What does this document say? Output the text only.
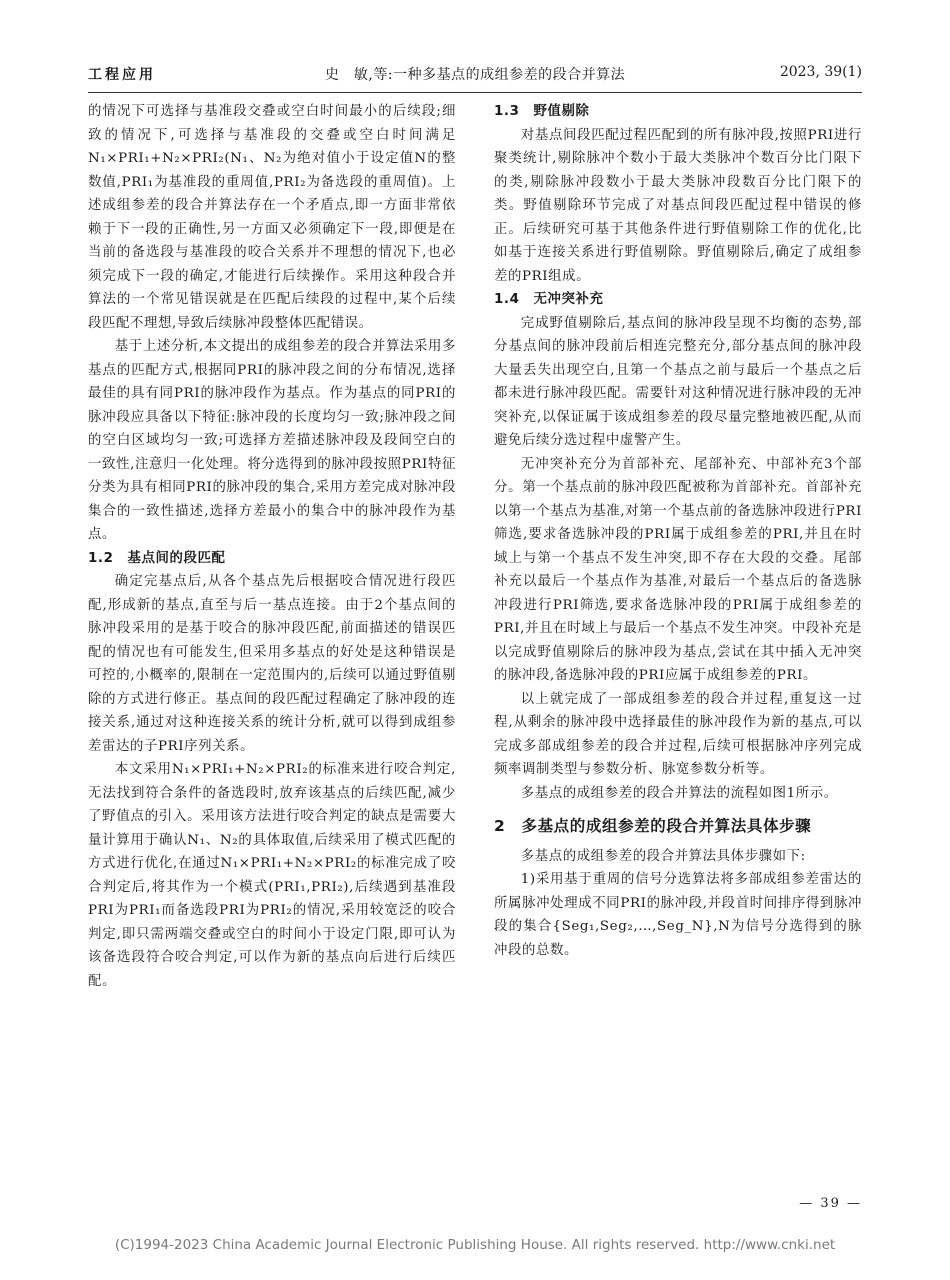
工程应用	史　敏,等:一种多基点的成组参差的段合并算法	2023, 39(1)

的情况下可选择与基准段交叠或空白时间最小的后续段;细致的情况下,可选择与基准段的交叠或空白时间满足N₁×PRI₁+N₂×PRI₂(N₁、N₂为绝对值小于设定值N的整数值,PRI₁为基准段的重周值,PRI₂为备选段的重周值)。上述成组参差的段合并算法存在一个矛盾点,即一方面非常依赖于下一段的正确性,另一方面又必须确定下一段,即便是在当前的备选段与基准段的咬合关系并不理想的情况下,也必须完成下一段的确定,才能进行后续操作。采用这种段合并算法的一个常见错误就是在匹配后续段的过程中,某个后续段匹配不理想,导致后续脉冲段整体匹配错误。

基于上述分析,本文提出的成组参差的段合并算法采用多基点的匹配方式,根据同PRI的脉冲段之间的分布情况,选择最佳的具有同PRI的脉冲段作为基点。作为基点的同PRI的脉冲段应具备以下特征:脉冲段的长度均匀一致;脉冲段之间的空白区域均匀一致;可选择方差描述脉冲段及段间空白的一致性,注意归一化处理。将分选得到的脉冲段按照PRI特征分类为具有相同PRI的脉冲段的集合,采用方差完成对脉冲段集合的一致性描述,选择方差最小的集合中的脉冲段作为基点。

1.2　基点间的段匹配

确定完基点后,从各个基点先后根据咬合情况进行段匹配,形成新的基点,直至与后一基点连接。由于2个基点间的脉冲段采用的是基于咬合的脉冲段匹配,前面描述的错误匹配的情况也有可能发生,但采用多基点的好处是这种错误是可控的,小概率的,限制在一定范围内的,后续可以通过野值剔除的方式进行修正。基点间的段匹配过程确定了脉冲段的连接关系,通过对这种连接关系的统计分析,就可以得到成组参差雷达的子PRI序列关系。

本文采用N₁×PRI₁+N₂×PRI₂的标准来进行咬合判定,无法找到符合条件的备选段时,放弃该基点的后续匹配,减少了野值点的引入。采用该方法进行咬合判定的缺点是需要大量计算用于确认N₁、N₂的具体取值,后续采用了模式匹配的方式进行优化,在通过N₁×PRI₁+N₂×PRI₂的标准完成了咬合判定后,将其作为一个模式(PRI₁,PRI₂),后续遇到基准段PRI为PRI₁而备选段PRI为PRI₂的情况,采用较宽泛的咬合判定,即只需两端交叠或空白的时间小于设定门限,即可认为该备选段符合咬合判定,可以作为新的基点向后进行后续匹配。

1.3　野值剔除

对基点间段匹配过程匹配到的所有脉冲段,按照PRI进行聚类统计,剔除脉冲个数小于最大类脉冲个数百分比门限下的类,剔除脉冲段数小于最大类脉冲段数百分比门限下的类。野值剔除环节完成了对基点间段匹配过程中错误的修正。后续研究可基于其他条件进行野值剔除工作的优化,比如基于连接关系进行野值剔除。野值剔除后,确定了成组参差的PRI组成。

1.4　无冲突补充

完成野值剔除后,基点间的脉冲段呈现不均衡的态势,部分基点间的脉冲段前后相连完整充分,部分基点间的脉冲段大量丢失出现空白,且第一个基点之前与最后一个基点之后都未进行脉冲段匹配。需要针对这种情况进行脉冲段的无冲突补充,以保证属于该成组参差的段尽量完整地被匹配,从而避免后续分选过程中虚警产生。

无冲突补充分为首部补充、尾部补充、中部补充3个部分。第一个基点前的脉冲段匹配被称为首部补充。首部补充以第一个基点为基准,对第一个基点前的备选脉冲段进行PRI筛选,要求备选脉冲段的PRI属于成组参差的PRI,并且在时域上与第一个基点不发生冲突,即不存在大段的交叠。尾部补充以最后一个基点作为基准,对最后一个基点后的备选脉冲段进行PRI筛选,要求备选脉冲段的PRI属于成组参差的PRI,并且在时域上与最后一个基点不发生冲突。中段补充是以完成野值剔除后的脉冲段为基点,尝试在其中插入无冲突的脉冲段,备选脉冲段的PRI应属于成组参差的PRI。

以上就完成了一部成组参差的段合并过程,重复这一过程,从剩余的脉冲段中选择最佳的脉冲段作为新的基点,可以完成多部成组参差的段合并过程,后续可根据脉冲序列完成频率调制类型与参数分析、脉宽参数分析等。

多基点的成组参差的段合并算法的流程如图1所示。

2　多基点的成组参差的段合并算法具体步骤

多基点的成组参差的段合并算法具体步骤如下:

1)采用基于重周的信号分选算法将多部成组参差雷达的所属脉冲处理成不同PRI的脉冲段,并段首时间排序得到脉冲段的集合{Seg₁,Seg₂,…,Seg_N},N为信号分选得到的脉冲段的总数。

— 39 —
(C)1994-2023 China Academic Journal Electronic Publishing House. All rights reserved. http://www.cnki.net
